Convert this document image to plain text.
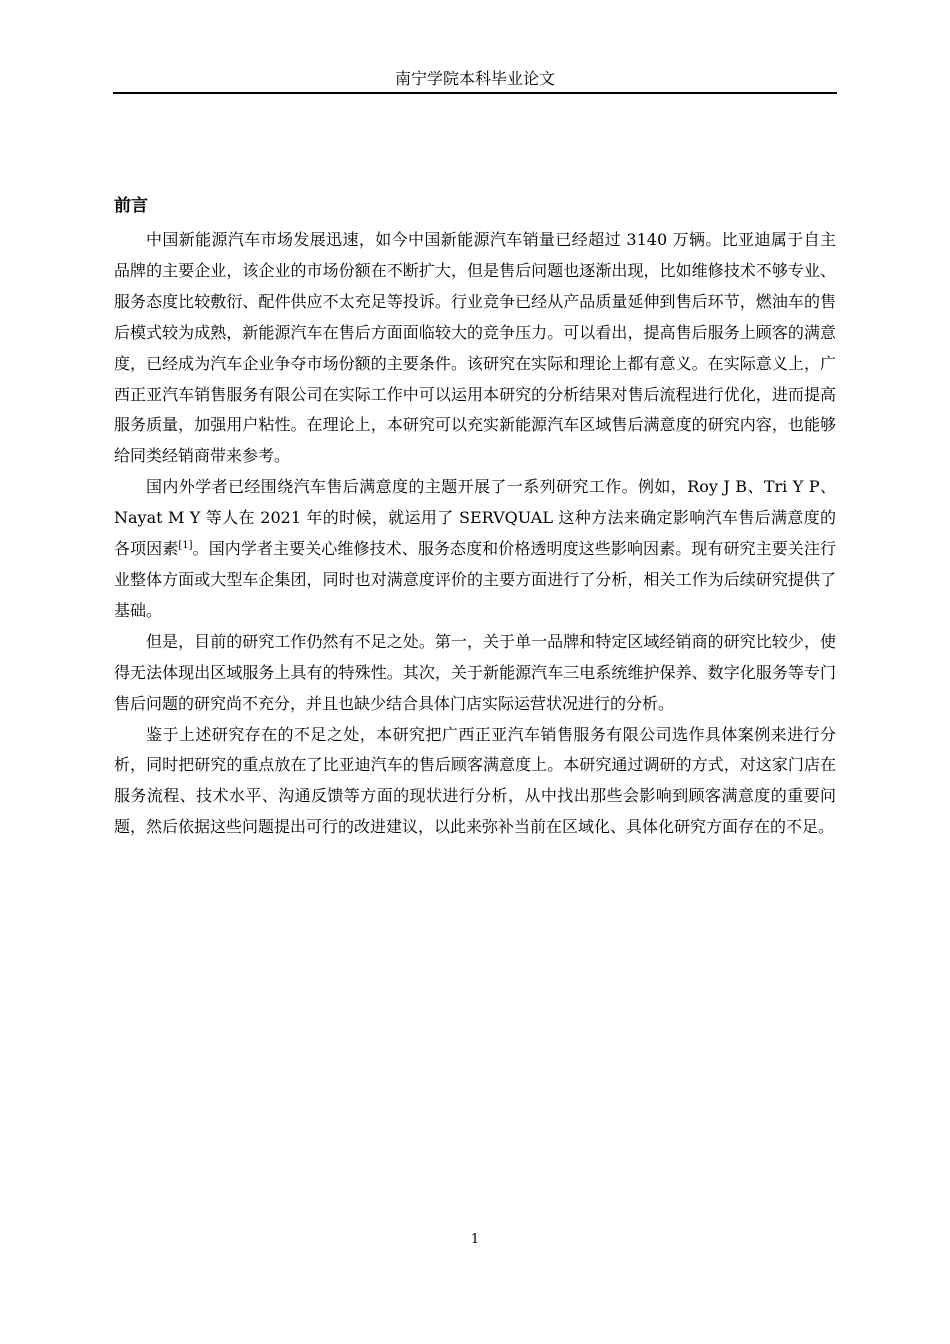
南宁学院本科毕业论文
前言

中国新能源汽车市场发展迅速，如今中国新能源汽车销量已经超过 3140 万辆。比亚迪属于自主品牌的主要企业，该企业的市场份额在不断扩大，但是售后问题也逐渐出现，比如维修技术不够专业、服务态度比较敷衍、配件供应不太充足等投诉。行业竞争已经从产品质量延伸到售后环节，燃油车的售后模式较为成熟，新能源汽车在售后方面面临较大的竞争压力。可以看出，提高售后服务上顾客的满意度，已经成为汽车企业争夺市场份额的主要条件。该研究在实际和理论上都有意义。在实际意义上，广西正亚汽车销售服务有限公司在实际工作中可以运用本研究的分析结果对售后流程进行优化，进而提高服务质量，加强用户粘性。在理论上，本研究可以充实新能源汽车区域售后满意度的研究内容，也能够给同类经销商带来参考。

国内外学者已经围绕汽车售后满意度的主题开展了一系列研究工作。例如，Roy J B、Tri Y P、Nayat M Y 等人在 2021 年的时候，就运用了 SERVQUAL 这种方法来确定影响汽车售后满意度的各项因素[1]。国内学者主要关心维修技术、服务态度和价格透明度这些影响因素。现有研究主要关注行业整体方面或大型车企集团，同时也对满意度评价的主要方面进行了分析，相关工作为后续研究提供了基础。

但是，目前的研究工作仍然有不足之处。第一，关于单一品牌和特定区域经销商的研究比较少，使得无法体现出区域服务上具有的特殊性。其次，关于新能源汽车三电系统维护保养、数字化服务等专门售后问题的研究尚不充分，并且也缺少结合具体门店实际运营状况进行的分析。

鉴于上述研究存在的不足之处，本研究把广西正亚汽车销售服务有限公司选作具体案例来进行分析，同时把研究的重点放在了比亚迪汽车的售后顾客满意度上。本研究通过调研的方式，对这家门店在服务流程、技术水平、沟通反馈等方面的现状进行分析，从中找出那些会影响到顾客满意度的重要问题，然后依据这些问题提出可行的改进建议，以此来弥补当前在区域化、具体化研究方面存在的不足。

1
